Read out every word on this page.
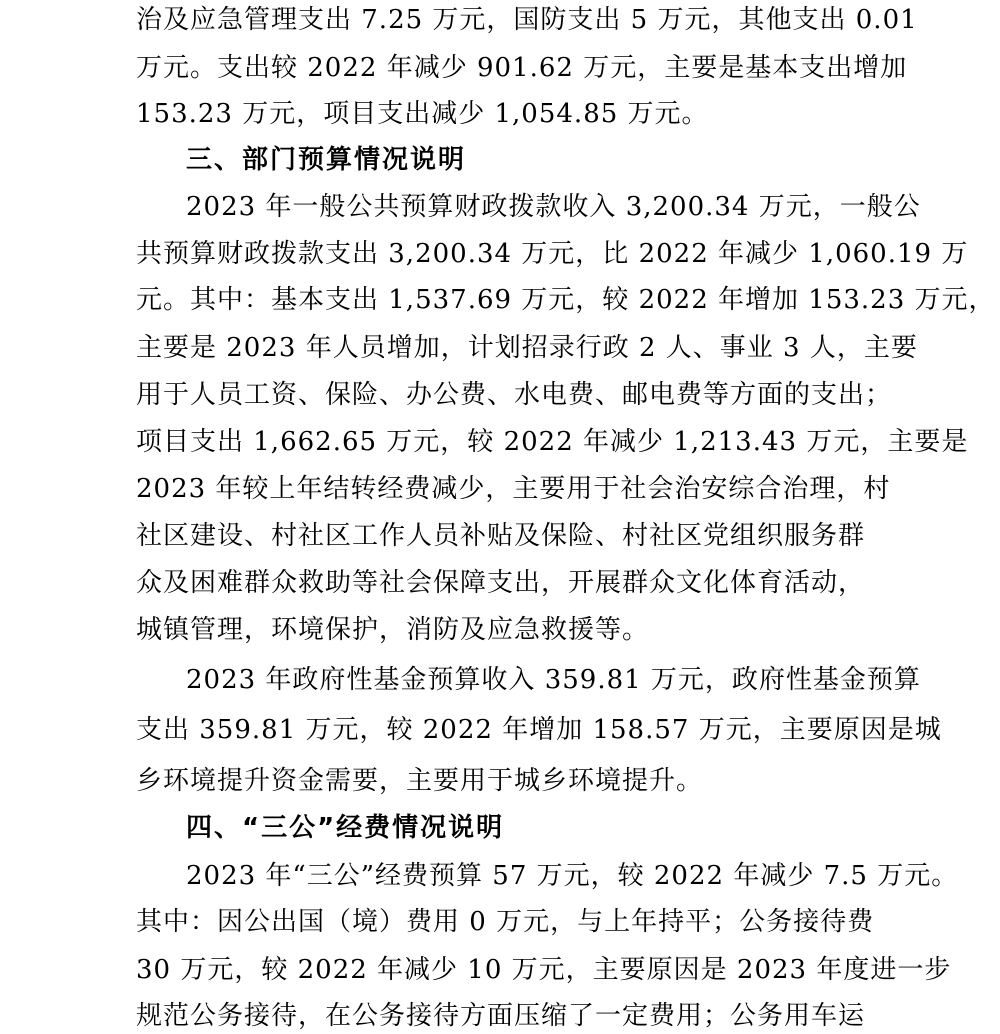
治及应急管理支出 7.25 万元，国防支出 5 万元，其他支出 0.01
万元。支出较 2022 年减少 901.62 万元，主要是基本支出增加
153.23 万元，项目支出减少 1,054.85 万元。
三、部门预算情况说明
2023 年一般公共预算财政拨款收入 3,200.34 万元，一般公
共预算财政拨款支出 3,200.34 万元，比 2022 年减少 1,060.19 万
元。其中：基本支出 1,537.69 万元，较 2022 年增加 153.23 万元，
主要是 2023 年人员增加，计划招录行政 2 人、事业 3 人，主要
用于人员工资、保险、办公费、水电费、邮电费等方面的支出；
项目支出 1,662.65 万元，较 2022 年减少 1,213.43 万元，主要是
2023 年较上年结转经费减少，主要用于社会治安综合治理，村
社区建设、村社区工作人员补贴及保险、村社区党组织服务群
众及困难群众救助等社会保障支出，开展群众文化体育活动，
城镇管理，环境保护，消防及应急救援等。
2023 年政府性基金预算收入 359.81 万元，政府性基金预算
支出 359.81 万元，较 2022 年增加 158.57 万元，主要原因是城
乡环境提升资金需要，主要用于城乡环境提升。
四、“三公”经费情况说明
2023 年“三公”经费预算 57 万元，较 2022 年减少 7.5 万元。
其中：因公出国（境）费用 0 万元，与上年持平；公务接待费
30 万元，较 2022 年减少 10 万元，主要原因是 2023 年度进一步
规范公务接待，在公务接待方面压缩了一定费用；公务用车运
